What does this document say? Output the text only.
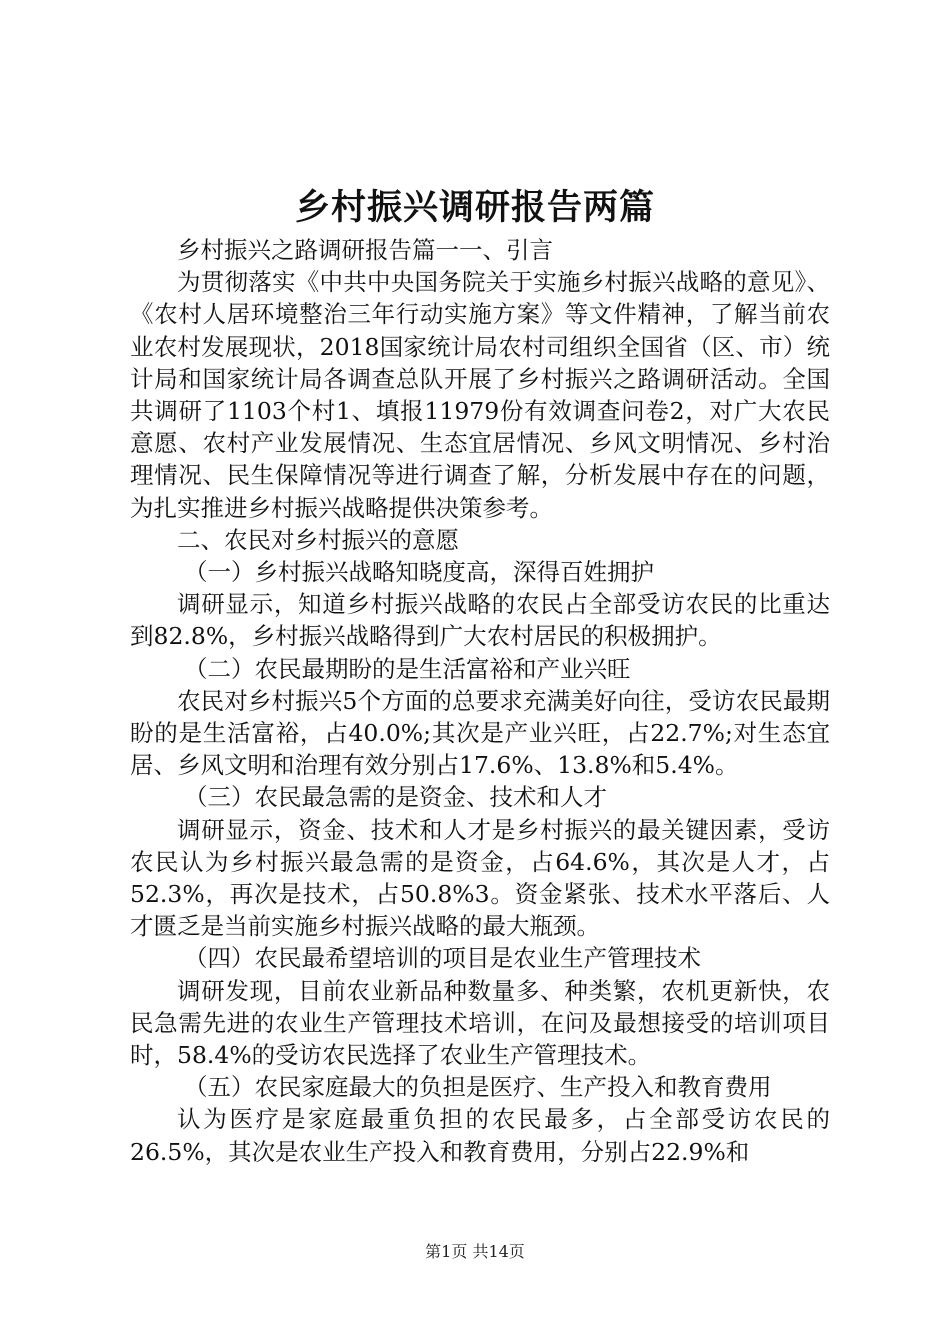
乡村振兴调研报告两篇

乡村振兴之路调研报告篇一一、引言

为贯彻落实《中共中央国务院关于实施乡村振兴战略的意见》、《农村人居环境整治三年行动实施方案》等文件精神，了解当前农业农村发展现状，2018国家统计局农村司组织全国省（区、市）统计局和国家统计局各调查总队开展了乡村振兴之路调研活动。全国共调研了1103个村1、填报11979份有效调查问卷2，对广大农民意愿、农村产业发展情况、生态宜居情况、乡风文明情况、乡村治理情况、民生保障情况等进行调查了解，分析发展中存在的问题，为扎实推进乡村振兴战略提供决策参考。

二、农民对乡村振兴的意愿

（一）乡村振兴战略知晓度高，深得百姓拥护

调研显示，知道乡村振兴战略的农民占全部受访农民的比重达到82.8%，乡村振兴战略得到广大农村居民的积极拥护。

（二）农民最期盼的是生活富裕和产业兴旺

农民对乡村振兴5个方面的总要求充满美好向往，受访农民最期盼的是生活富裕，占40.0%;其次是产业兴旺，占22.7%;对生态宜居、乡风文明和治理有效分别占17.6%、13.8%和5.4%。

（三）农民最急需的是资金、技术和人才

调研显示，资金、技术和人才是乡村振兴的最关键因素，受访农民认为乡村振兴最急需的是资金，占64.6%，其次是人才，占52.3%，再次是技术，占50.8%3。资金紧张、技术水平落后、人才匮乏是当前实施乡村振兴战略的最大瓶颈。

（四）农民最希望培训的项目是农业生产管理技术

调研发现，目前农业新品种数量多、种类繁，农机更新快，农民急需先进的农业生产管理技术培训，在问及最想接受的培训项目时，58.4%的受访农民选择了农业生产管理技术。

（五）农民家庭最大的负担是医疗、生产投入和教育费用

认为医疗是家庭最重负担的农民最多，占全部受访农民的26.5%，其次是农业生产投入和教育费用，分别占22.9%和

第1页 共14页
